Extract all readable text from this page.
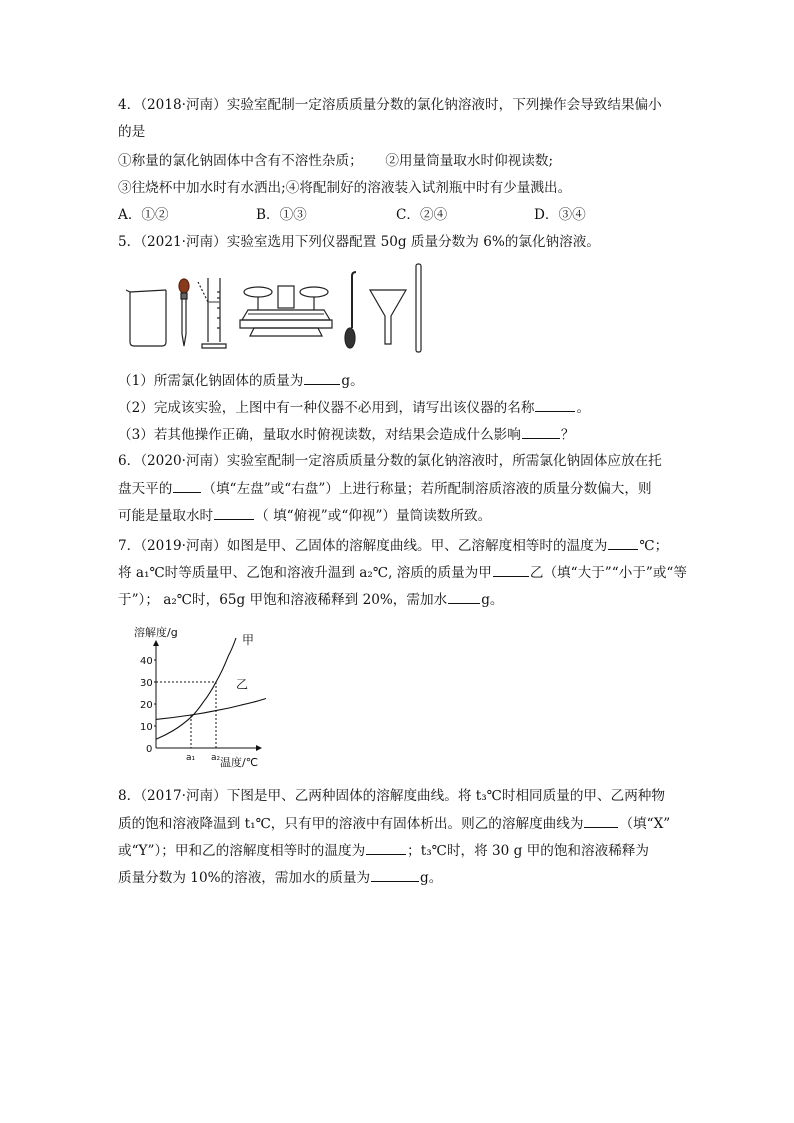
4．（2018·河南）实验室配制一定溶质质量分数的氯化钠溶液时，下列操作会导致结果偏小
的是
①称量的氯化钠固体中含有不溶性杂质； ②用量筒量取水时仰视读数;
③往烧杯中加水时有水洒出;④将配制好的溶液装入试剂瓶中时有少量溅出。
A．①②	B．①③	C．②④	D．③④
5．（2021·河南）实验室选用下列仪器配置 50g 质量分数为 6%的氯化钠溶液。
（1）所需氯化钠固体的质量为	g。
（2）完成该实验，上图中有一种仪器不必用到，请写出该仪器的名称	。
（3）若其他操作正确，量取水时俯视读数，对结果会造成什么影响	？
6．（2020·河南）实验室配制一定溶质质量分数的氯化钠溶液时，所需氯化钠固体应放在托
盘天平的 （填“左盘”或“右盘”）上进行称量；若所配制溶质溶液的质量分数偏大，则
可能是量取水时	（ 填“俯视”或“仰视”）量筒读数所致。
7．（2019·河南）如图是甲、乙固体的溶解度曲线。甲、乙溶解度相等时的温度为 ℃；
将 a₁℃时等质量甲、乙饱和溶液升温到 a₂℃, 溶质的质量为甲	乙（填“大于”“小于”或“等
于”）； a₂℃时，65g 甲饱和溶液稀释到 20%，需加水	g。
溶解度/g
温度/℃
0
10
20
30
40
a₁ a₂
甲
乙
8．（2017·河南）下图是甲、乙两种固体的溶解度曲线。将 t₃℃时相同质量的甲、乙两种物
质的饱和溶液降温到 t₁℃，只有甲的溶液中有固体析出。则乙的溶解度曲线为	（填“X”
或“Y”）；甲和乙的溶解度相等时的温度为	；t₃℃时，将 30 g 甲的饱和溶液稀释为
质量分数为 10%的溶液，需加水的质量为	g。
